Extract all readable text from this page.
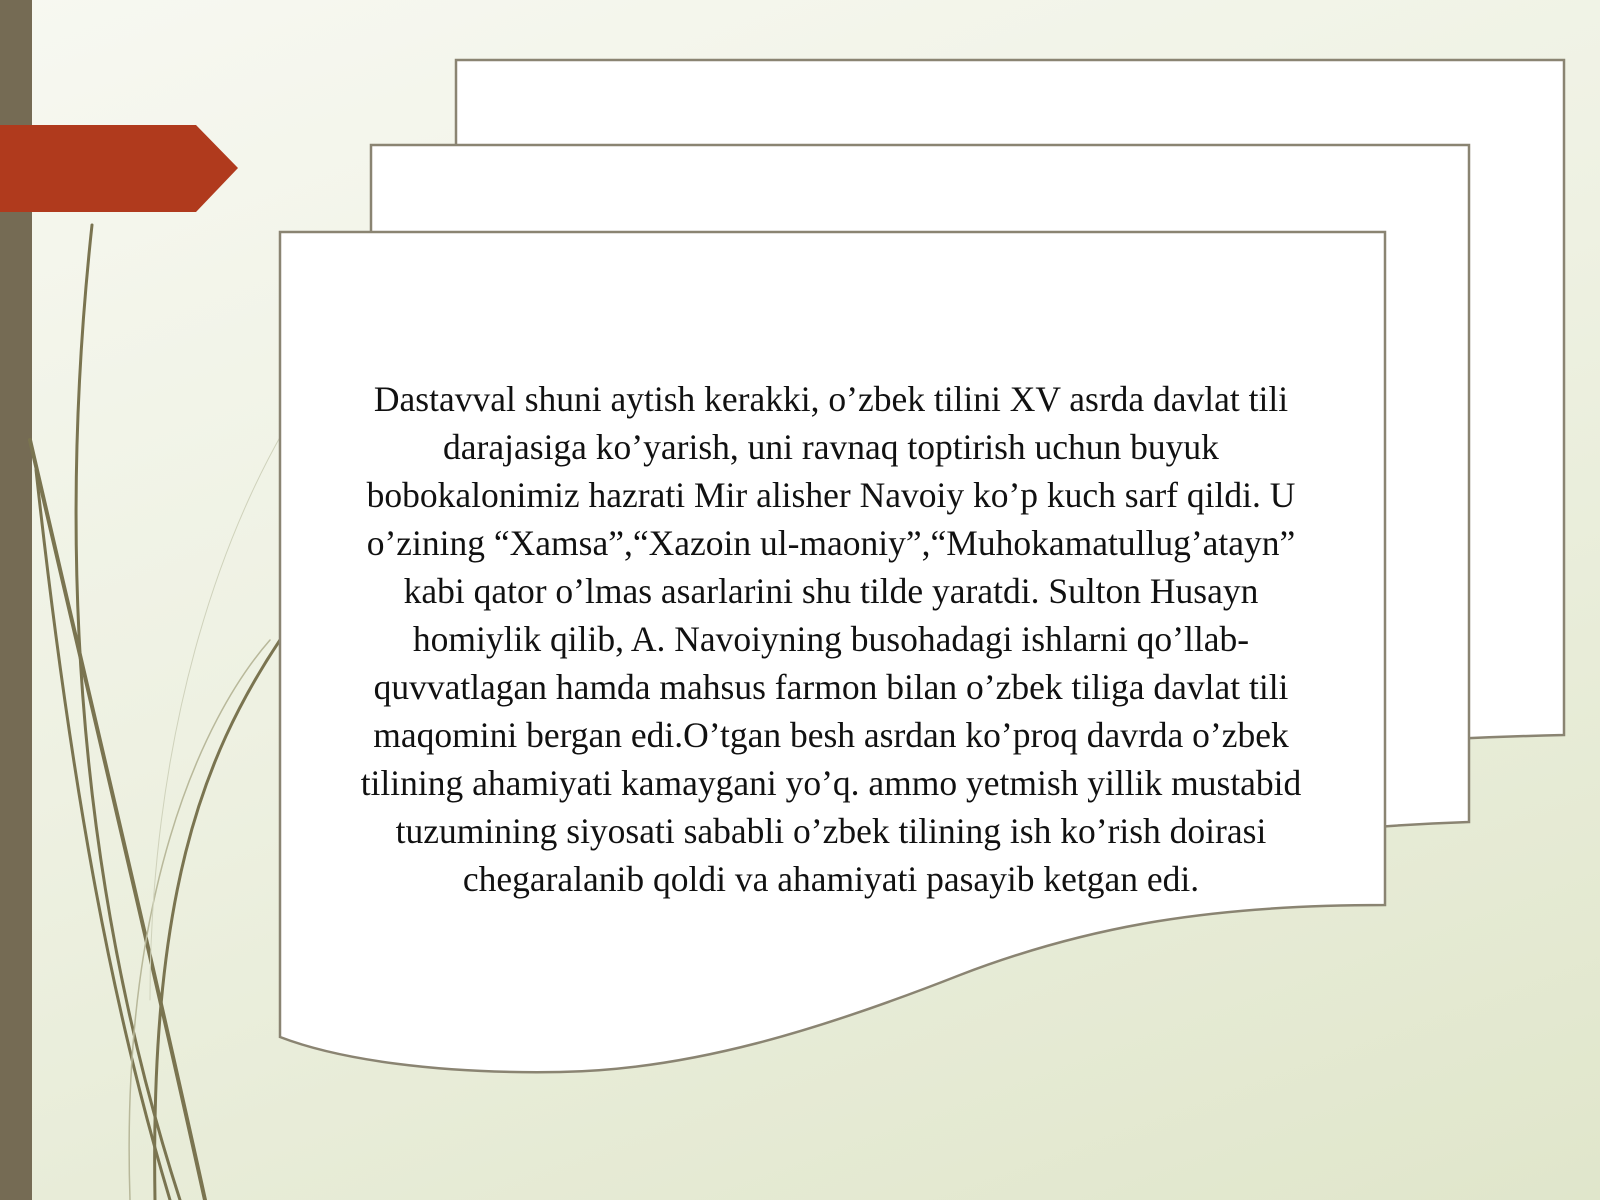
Dastavval shuni aytish kerakki, o’zbek tilini XV asrda davlat tili
darajasiga ko’yarish, uni ravnaq toptirish uchun buyuk
bobokalonimiz hazrati Mir alisher Navoiy ko’p kuch sarf qildi. U
o’zining “Xamsa”,“Xazoin ul-maoniy”,“Muhokamatullug’atayn”
kabi qator o’lmas asarlarini shu tilde yaratdi. Sulton Husayn
homiylik qilib, A. Navoiyning busohadagi ishlarni qo’llab-
quvvatlagan hamda mahsus farmon bilan o’zbek tiliga davlat tili
maqomini bergan edi.O’tgan besh asrdan ko’proq davrda o’zbek
tilining ahamiyati kamaygani yo’q. ammo yetmish yillik mustabid
tuzumining siyosati sababli o’zbek tilining ish ko’rish doirasi
chegaralanib qoldi va ahamiyati pasayib ketgan edi.
